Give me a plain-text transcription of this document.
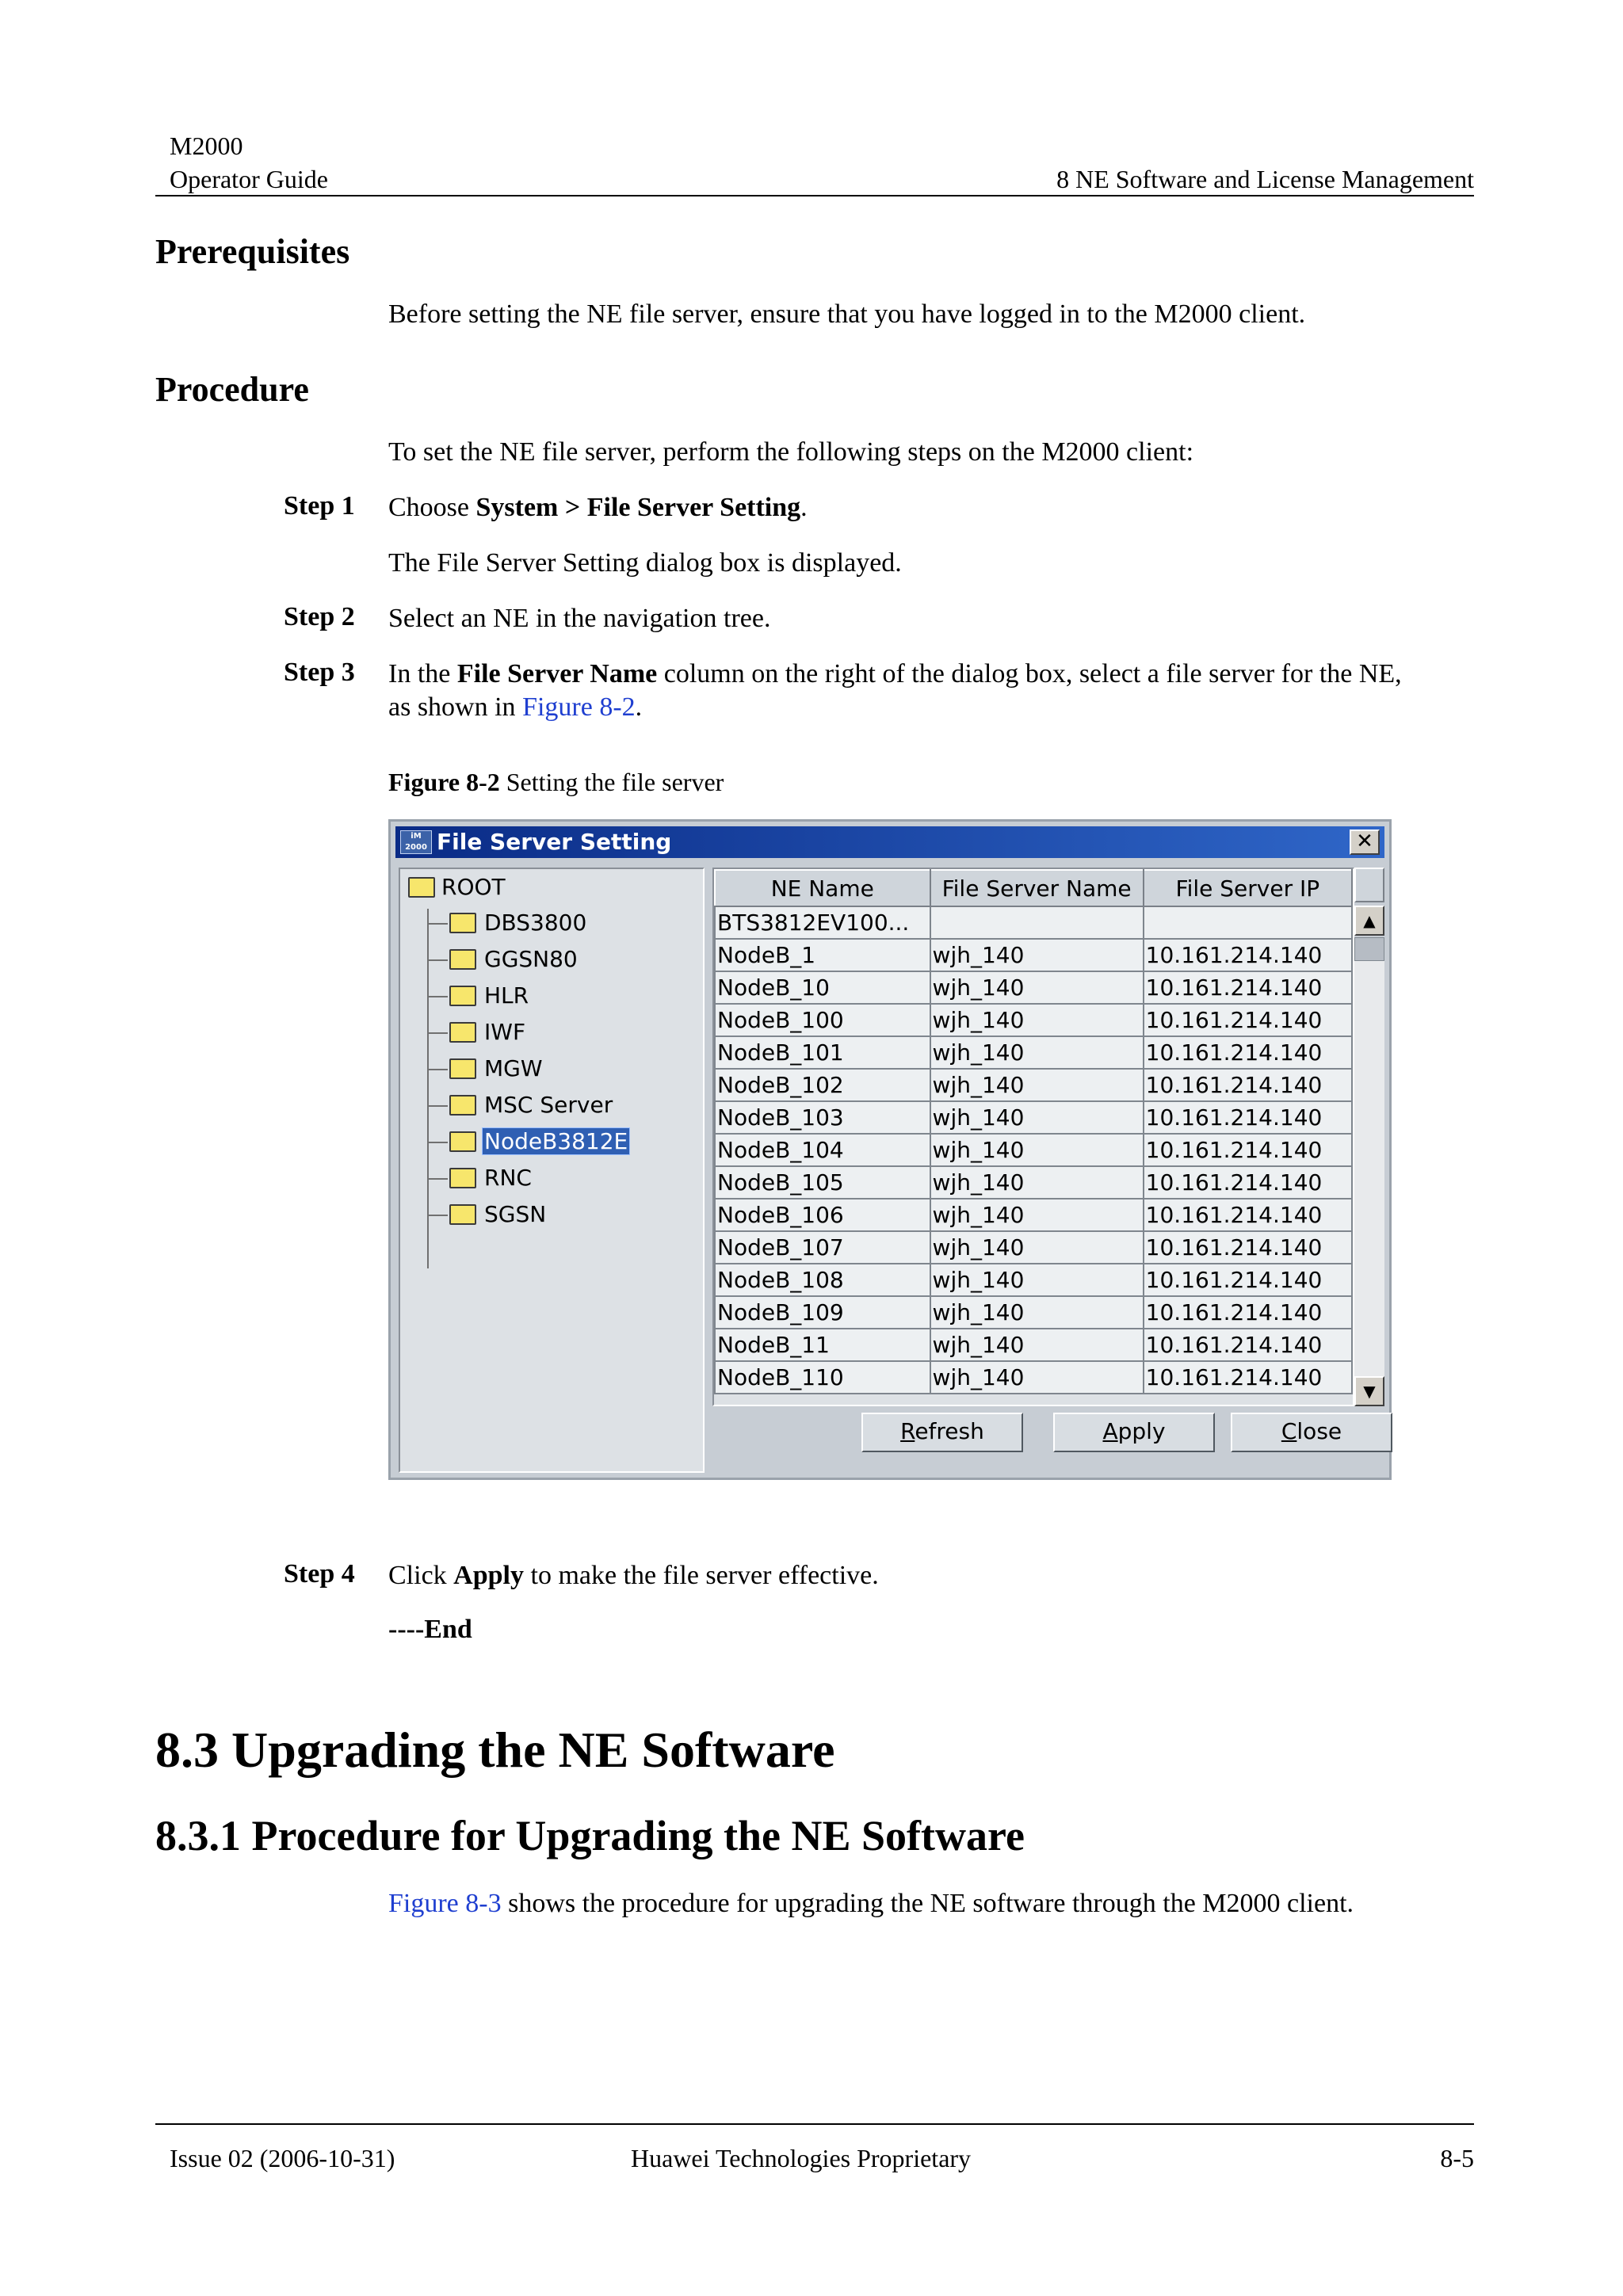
M2000
Operator Guide	8 NE Software and License Management
Prerequisites
Before setting the NE file server, ensure that you have logged in to the M2000 client.
Procedure
To set the NE file server, perform the following steps on the M2000 client:
Step 1 Choose System > File Server Setting.
The File Server Setting dialog box is displayed.
Step 2 Select an NE in the navigation tree.
Step 3 In the File Server Name column on the right of the dialog box, select a file server for the NE,
as shown in Figure 8-2.
Figure 8-2 Setting the file server
iM
2000 File Server Setting	✕
ROOT
DBS3800
GGSN80
HLR
IWF
MGW
MSC Server
NodeB3812E
RNC
SGSN
NE Name	File Server Name	File Server IP
BTS3812EV100...		
NodeB_1	wjh_140	10.161.214.140
NodeB_10	wjh_140	10.161.214.140
NodeB_100	wjh_140	10.161.214.140
NodeB_101	wjh_140	10.161.214.140
NodeB_102	wjh_140	10.161.214.140
NodeB_103	wjh_140	10.161.214.140
NodeB_104	wjh_140	10.161.214.140
NodeB_105	wjh_140	10.161.214.140
NodeB_106	wjh_140	10.161.214.140
NodeB_107	wjh_140	10.161.214.140
NodeB_108	wjh_140	10.161.214.140
NodeB_109	wjh_140	10.161.214.140
NodeB_11	wjh_140	10.161.214.140
NodeB_110	wjh_140	10.161.214.140
▲
▼
Refresh	Apply	Close
Step 4 Click Apply to make the file server effective.
----End
8.3 Upgrading the NE Software
8.3.1 Procedure for Upgrading the NE Software
Figure 8-3 shows the procedure for upgrading the NE software through the M2000 client.
Issue 02 (2006-10-31)	Huawei Technologies Proprietary	8-5
